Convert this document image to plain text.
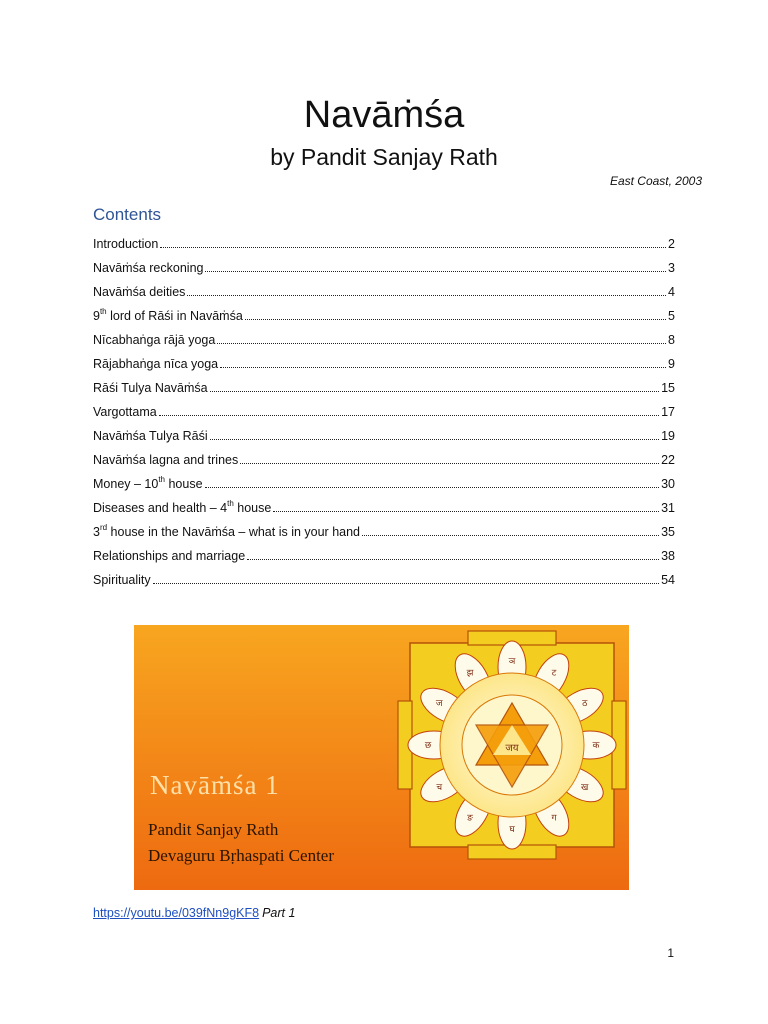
Navāṁśa
by Pandit Sanjay Rath
East Coast, 2003
Contents
Introduction	2
Navāṁśa reckoning	3
Navāṁśa deities	4
9th lord of Rāśi in Navāṁśa	5
Nīcabhaṅga rājā yoga	8
Rājabhaṅga nīca yoga	9
Rāśi Tulya Navāṁśa	15
Vargottama	17
Navāṁśa Tulya Rāśi	19
Navāṁśa lagna and trines	22
Money – 10th house	30
Diseases and health – 4th house	31
3rd house in the Navāṁśa – what is in your hand	35
Relationships and marriage	38
Spirituality	54
जय	क
ख
ग
घ
ङ
च
छ
ज
झ
ञ
ट
ठ
Navāṁśa 1
Pandit Sanjay Rath
Devaguru Bṛhaspati Center
https://youtu.be/039fNn9gKF8 Part 1
1
